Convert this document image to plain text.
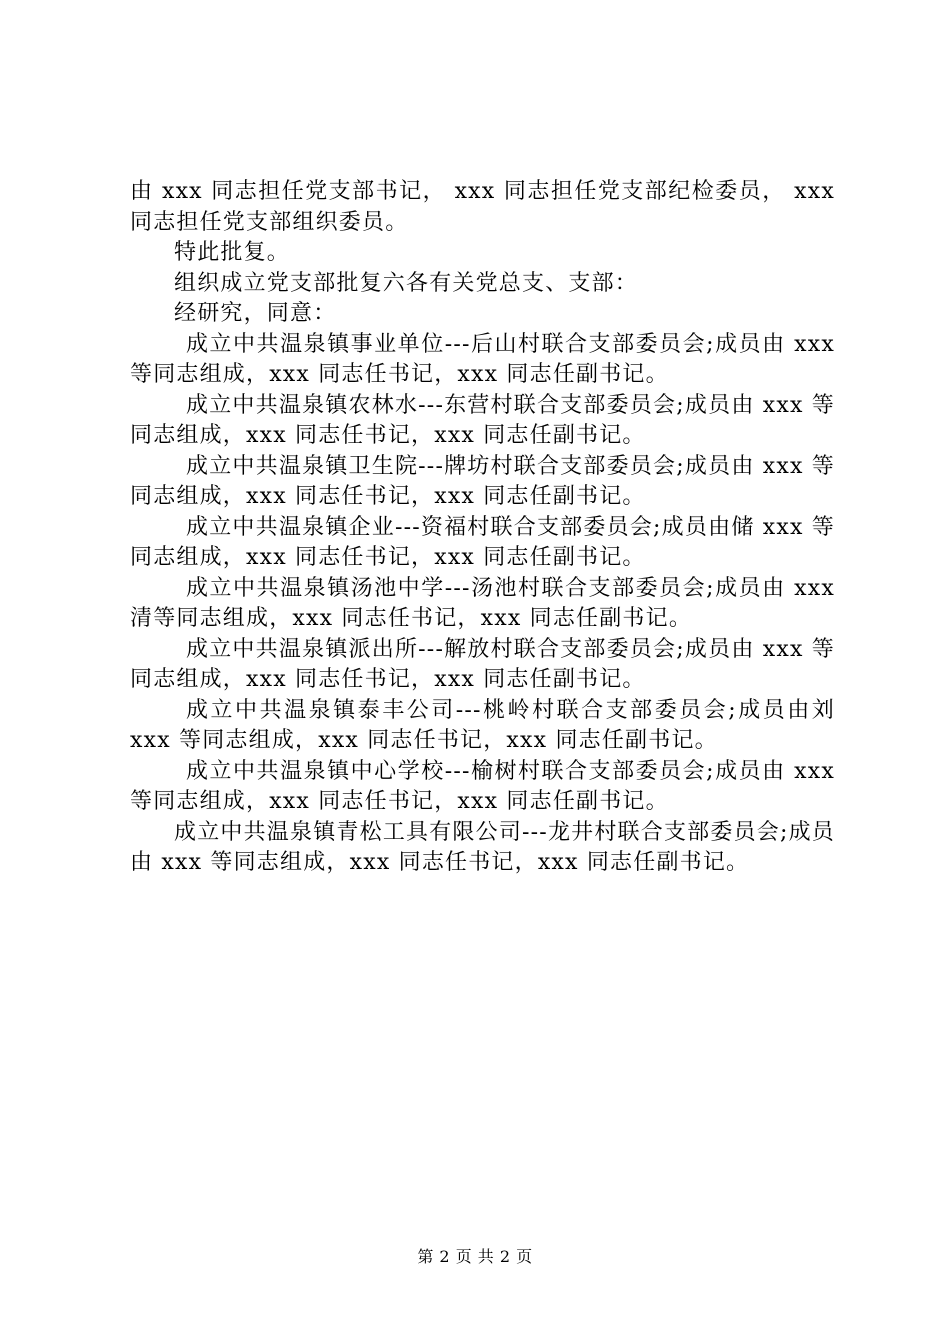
由 xxx 同志担任党支部书记， xxx 同志担任党支部纪检委员， xxx 同志担任党支部组织委员。

特此批复。

组织成立党支部批复六各有关党总支、支部：

经研究，同意：

成立中共温泉镇事业单位---后山村联合支部委员会;成员由 xxx 等同志组成，xxx 同志任书记，xxx 同志任副书记。

成立中共温泉镇农林水---东营村联合支部委员会;成员由 xxx 等同志组成，xxx 同志任书记，xxx 同志任副书记。

成立中共温泉镇卫生院---牌坊村联合支部委员会;成员由 xxx 等同志组成，xxx 同志任书记，xxx 同志任副书记。

成立中共温泉镇企业---资福村联合支部委员会;成员由储 xxx 等同志组成，xxx 同志任书记，xxx 同志任副书记。

成立中共温泉镇汤池中学---汤池村联合支部委员会;成员由 xxx 清等同志组成，xxx 同志任书记，xxx 同志任副书记。

成立中共温泉镇派出所---解放村联合支部委员会;成员由 xxx 等同志组成，xxx 同志任书记，xxx 同志任副书记。

成立中共温泉镇泰丰公司---桃岭村联合支部委员会;成员由刘 xxx 等同志组成，xxx 同志任书记，xxx 同志任副书记。

成立中共温泉镇中心学校---榆树村联合支部委员会;成员由 xxx 等同志组成，xxx 同志任书记，xxx 同志任副书记。

成立中共温泉镇青松工具有限公司---龙井村联合支部委员会;成员由 xxx 等同志组成，xxx 同志任书记，xxx 同志任副书记。

第 2 页 共 2 页
